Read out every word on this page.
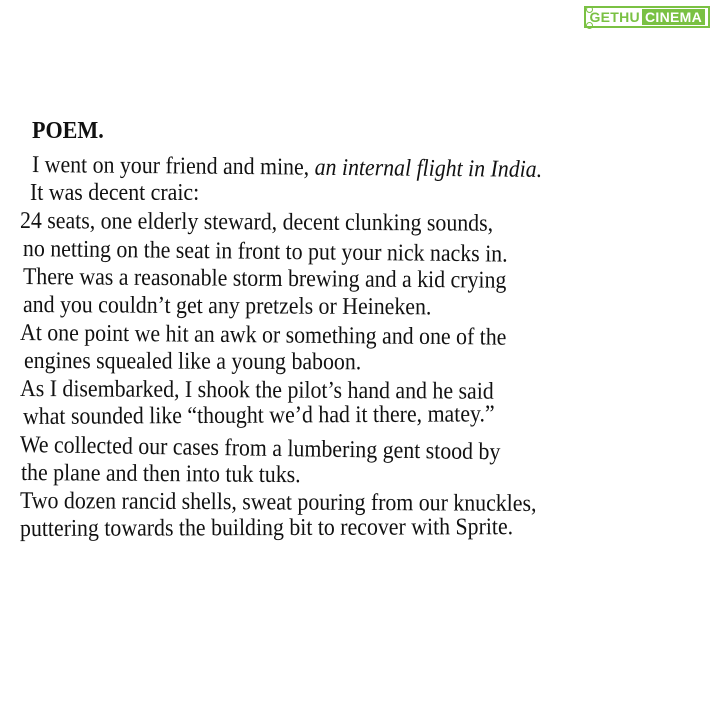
GETHU CINEMA
POEM.
I went on your friend and mine, an internal flight in India.
It was decent craic:
24 seats, one elderly steward, decent clunking sounds,
no netting on the seat in front to put your nick nacks in.
There was a reasonable storm brewing and a kid crying
and you couldn’t get any pretzels or Heineken.
At one point we hit an awk or something and one of the
engines squealed like a young baboon.
As I disembarked, I shook the pilot’s hand and he said
what sounded like “thought we’d had it there, matey.”
We collected our cases from a lumbering gent stood by
the plane and then into tuk tuks.
Two dozen rancid shells, sweat pouring from our knuckles,
puttering towards the building bit to recover with Sprite.
